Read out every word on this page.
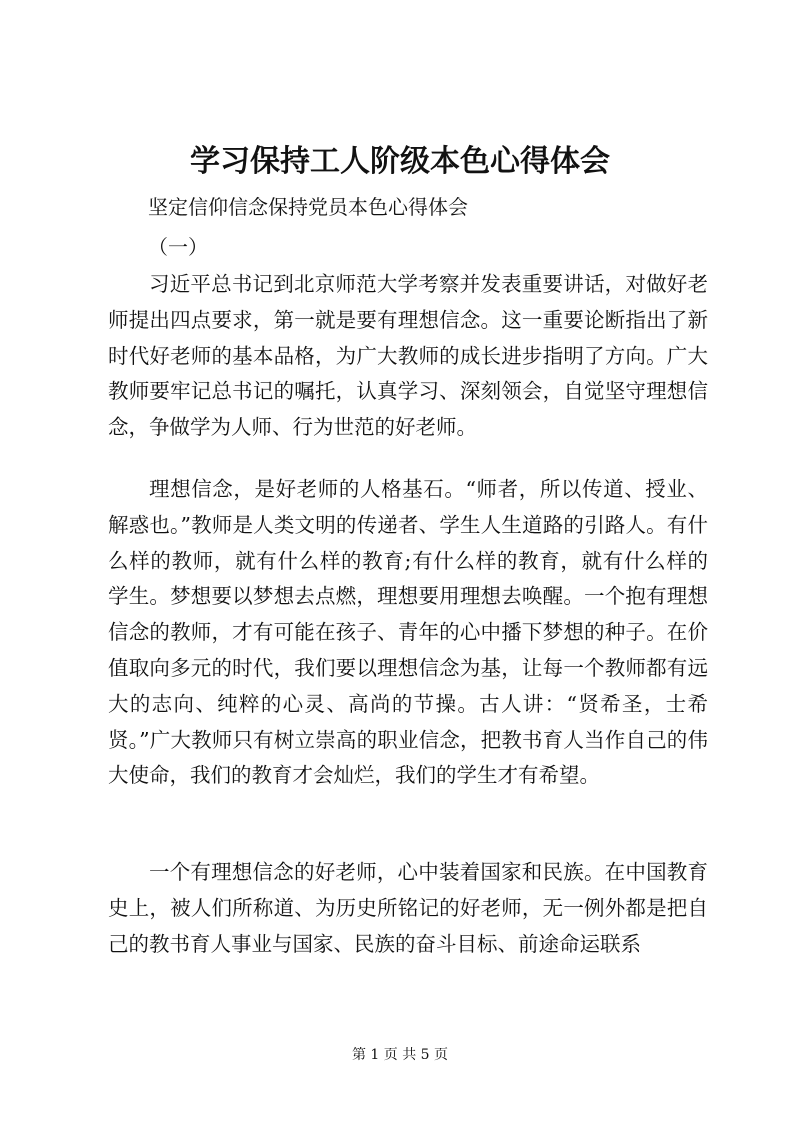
学习保持工人阶级本色心得体会

坚定信仰信念保持党员本色心得体会

（一）

习近平总书记到北京师范大学考察并发表重要讲话，对做好老师提出四点要求，第一就是要有理想信念。这一重要论断指出了新时代好老师的基本品格，为广大教师的成长进步指明了方向。广大教师要牢记总书记的嘱托，认真学习、深刻领会，自觉坚守理想信念，争做学为人师、行为世范的好老师。

理想信念，是好老师的人格基石。“师者，所以传道、授业、解惑也。”教师是人类文明的传递者、学生人生道路的引路人。有什么样的教师，就有什么样的教育;有什么样的教育，就有什么样的学生。梦想要以梦想去点燃，理想要用理想去唤醒。一个抱有理想信念的教师，才有可能在孩子、青年的心中播下梦想的种子。在价值取向多元的时代，我们要以理想信念为基，让每一个教师都有远大的志向、纯粹的心灵、高尚的节操。古人讲：“贤希圣，士希贤。”广大教师只有树立崇高的职业信念，把教书育人当作自己的伟大使命，我们的教育才会灿烂，我们的学生才有希望。

一个有理想信念的好老师，心中装着国家和民族。在中国教育史上，被人们所称道、为历史所铭记的好老师，无一例外都是把自己的教书育人事业与国家、民族的奋斗目标、前途命运联系

第 1 页 共 5 页
